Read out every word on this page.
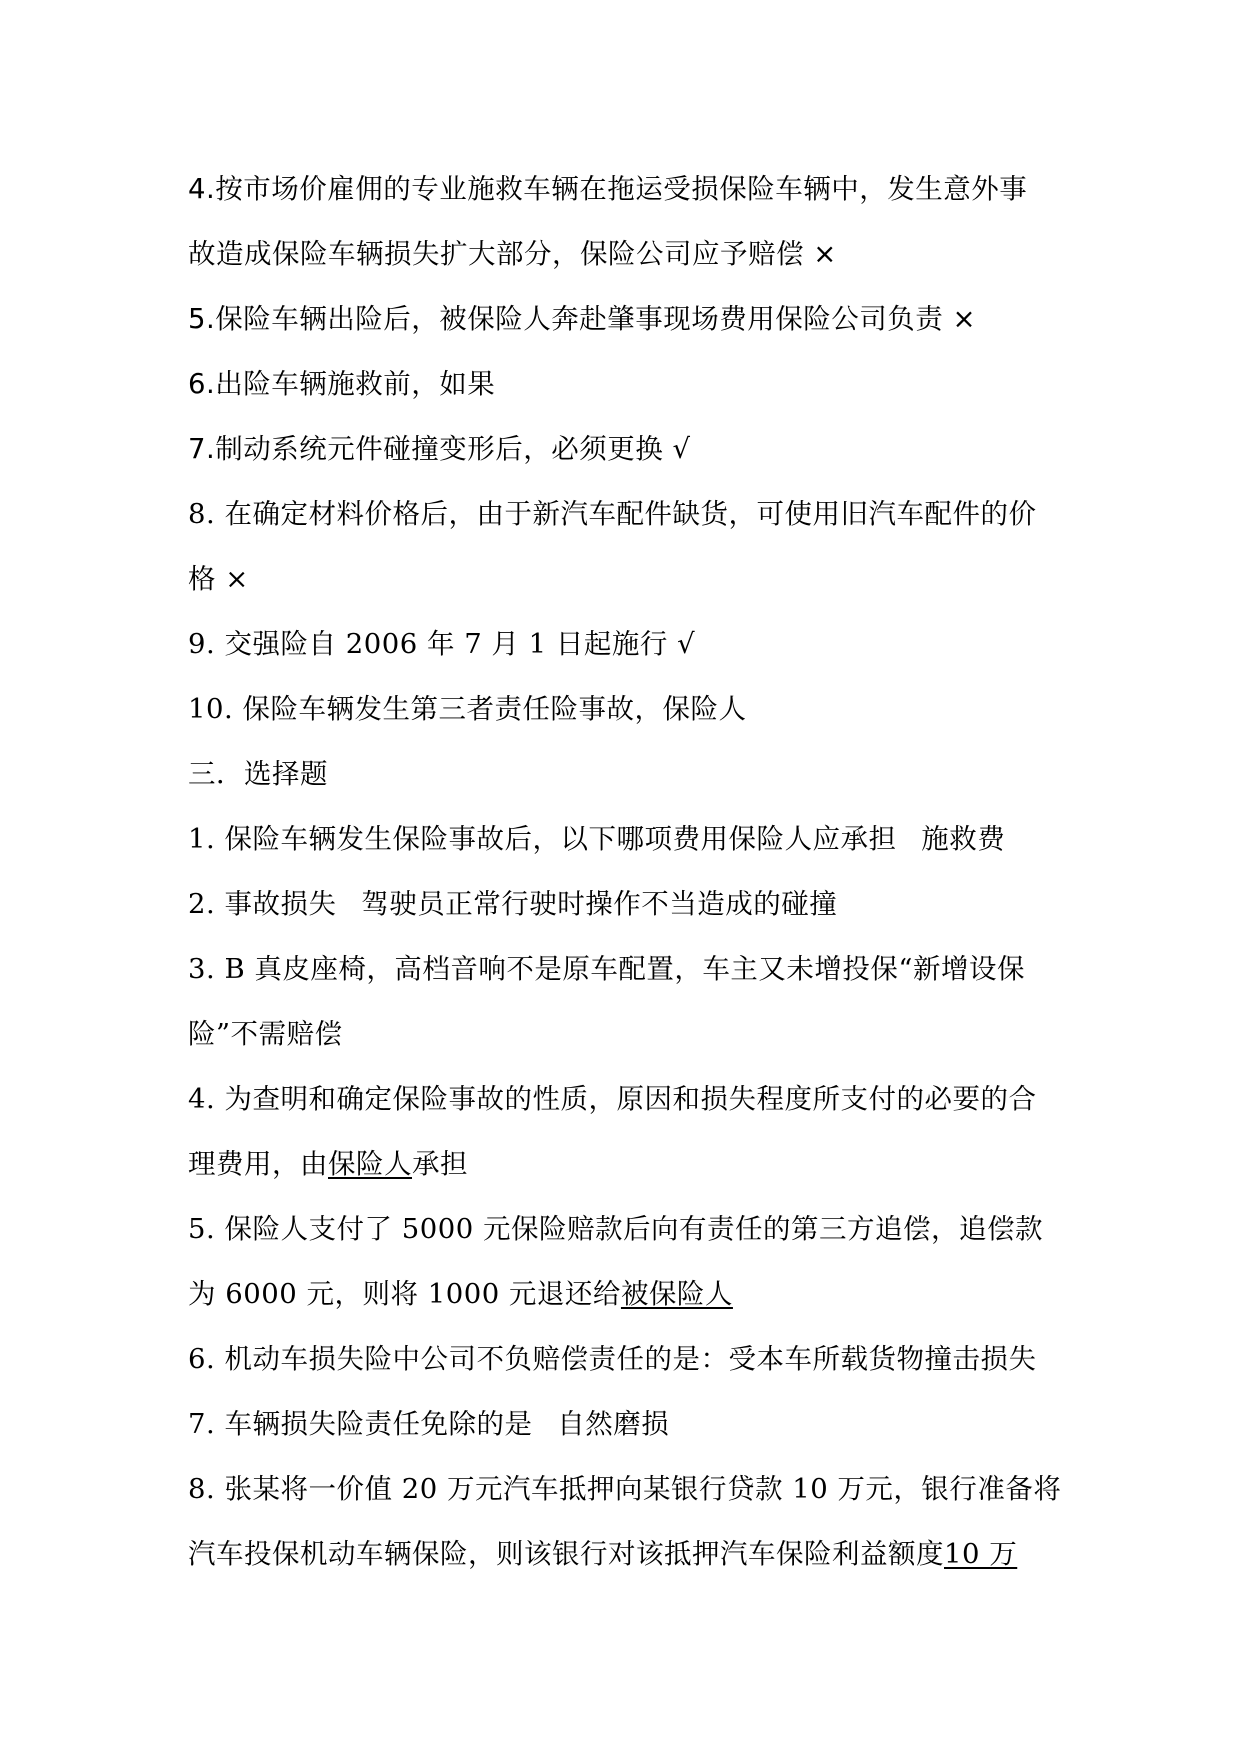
4.按市场价雇佣的专业施救车辆在拖运受损保险车辆中，发生意外事
故造成保险车辆损失扩大部分，保险公司应予赔偿 ×
5.保险车辆出险后，被保险人奔赴肇事现场费用保险公司负责 ×
6.出险车辆施救前，如果
7.制动系统元件碰撞变形后，必须更换 √
8. 在确定材料价格后，由于新汽车配件缺货，可使用旧汽车配件的价
格 ×
9. 交强险自 2006 年 7 月 1 日起施行 √
10. 保险车辆发生第三者责任险事故，保险人
三．选择题
1. 保险车辆发生保险事故后，以下哪项费用保险人应承担 施救费
2. 事故损失 驾驶员正常行驶时操作不当造成的碰撞
3. B 真皮座椅，高档音响不是原车配置，车主又未增投保“新增设保
险”不需赔偿
4. 为查明和确定保险事故的性质，原因和损失程度所支付的必要的合
理费用，由保险人承担
5. 保险人支付了 5000 元保险赔款后向有责任的第三方追偿，追偿款
为 6000 元，则将 1000 元退还给被保险人
6. 机动车损失险中公司不负赔偿责任的是：受本车所载货物撞击损失
7. 车辆损失险责任免除的是 自然磨损
8. 张某将一价值 20 万元汽车抵押向某银行贷款 10 万元，银行准备将
汽车投保机动车辆保险，则该银行对该抵押汽车保险利益额度10 万
